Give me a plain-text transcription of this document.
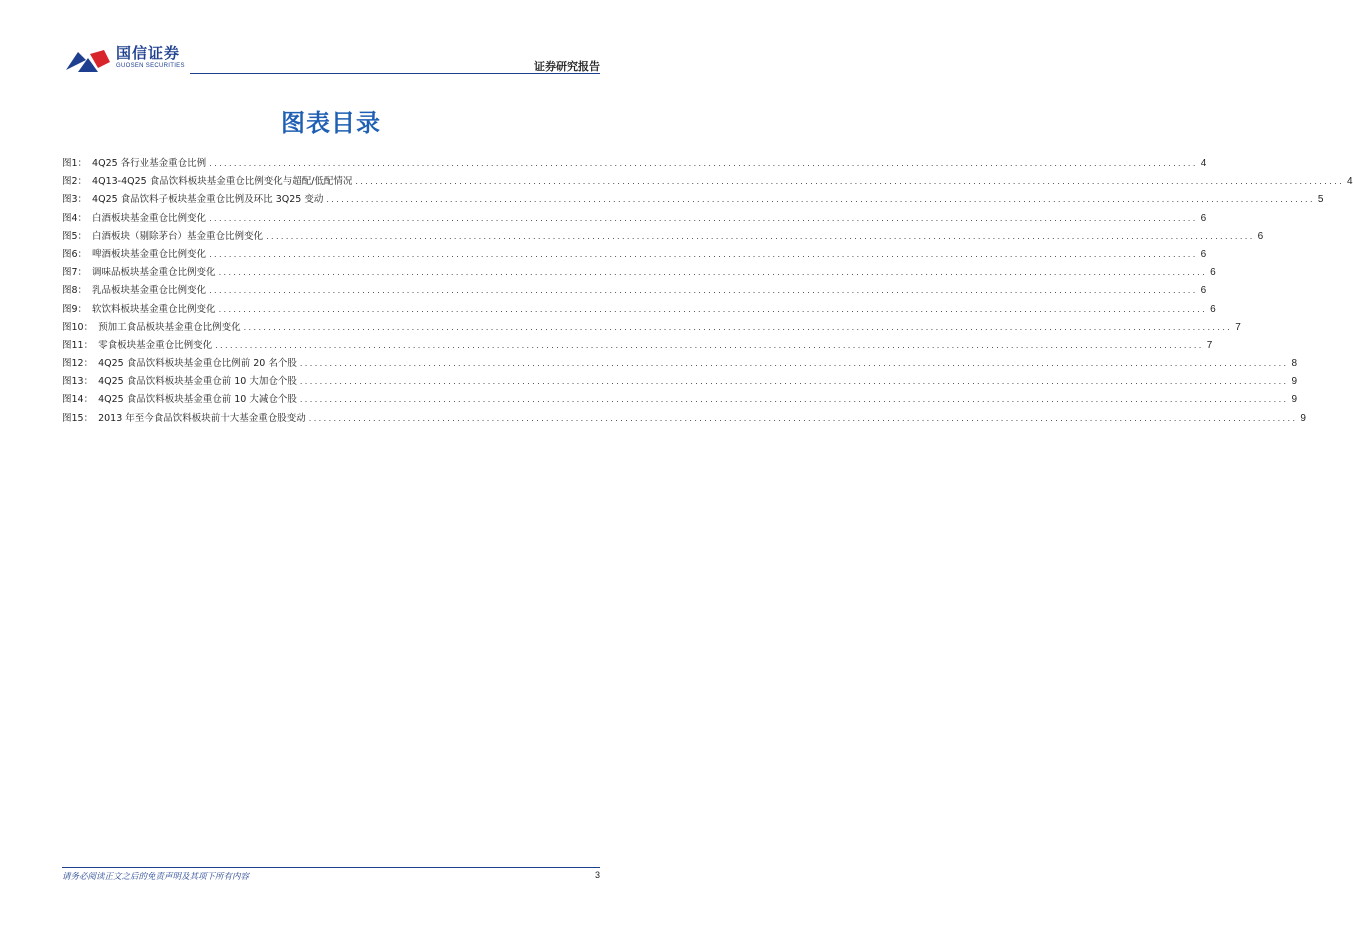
国信证券
GUOSEN SECURITIES	证券研究报告
图表目录
图1： 4Q25 各行业基金重仓比例 ........................................................................................................................................................................................................ 4
图2： 4Q13-4Q25 食品饮料板块基金重仓比例变化与超配/低配情况 ........................................................................................................................................................................................................ 4
图3： 4Q25 食品饮料子板块基金重仓比例及环比 3Q25 变动 ........................................................................................................................................................................................................ 5
图4： 白酒板块基金重仓比例变化 ........................................................................................................................................................................................................ 6
图5： 白酒板块（剔除茅台）基金重仓比例变化 ........................................................................................................................................................................................................ 6
图6： 啤酒板块基金重仓比例变化 ........................................................................................................................................................................................................ 6
图7： 调味品板块基金重仓比例变化 ........................................................................................................................................................................................................ 6
图8： 乳品板块基金重仓比例变化 ........................................................................................................................................................................................................ 6
图9： 软饮料板块基金重仓比例变化 ........................................................................................................................................................................................................ 6
图10： 预加工食品板块基金重仓比例变化 ........................................................................................................................................................................................................ 7
图11： 零食板块基金重仓比例变化 ........................................................................................................................................................................................................ 7
图12： 4Q25 食品饮料板块基金重仓比例前 20 名个股 ........................................................................................................................................................................................................ 8
图13： 4Q25 食品饮料板块基金重仓前 10 大加仓个股 ........................................................................................................................................................................................................ 9
图14： 4Q25 食品饮料板块基金重仓前 10 大减仓个股 ........................................................................................................................................................................................................ 9
图15： 2013 年至今食品饮料板块前十大基金重仓股变动 ........................................................................................................................................................................................................ 9
请务必阅读正文之后的免责声明及其项下所有内容	3
